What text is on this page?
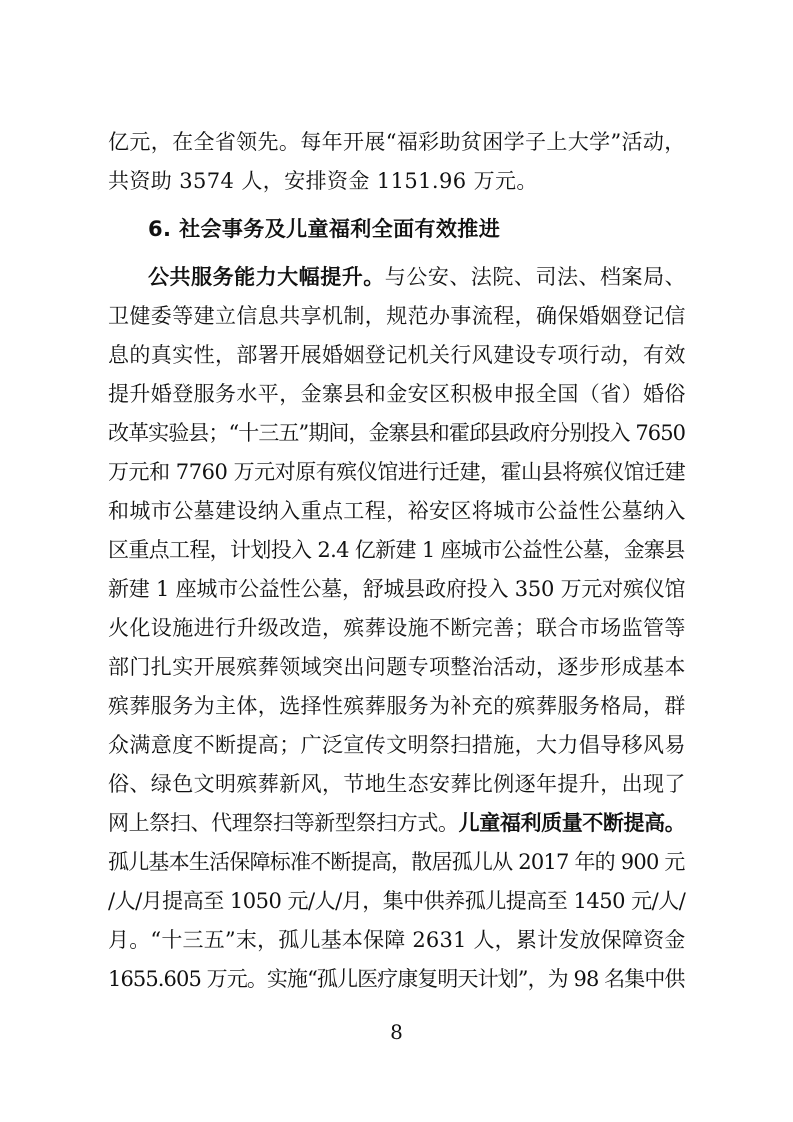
亿元，在全省领先。每年开展“福彩助贫困学子上大学”活动，
共资助 3574 人，安排资金 1151.96 万元。
6. 社会事务及儿童福利全面有效推进
公共服务能力大幅提升。与公安、法院、司法、档案局、
卫健委等建立信息共享机制，规范办事流程，确保婚姻登记信
息的真实性，部署开展婚姻登记机关行风建设专项行动，有效
提升婚登服务水平，金寨县和金安区积极申报全国（省）婚俗
改革实验县；“十三五”期间，金寨县和霍邱县政府分别投入 7650
万元和 7760 万元对原有殡仪馆进行迁建，霍山县将殡仪馆迁建
和城市公墓建设纳入重点工程，裕安区将城市公益性公墓纳入
区重点工程，计划投入 2.4 亿新建 1 座城市公益性公墓，金寨县
新建 1 座城市公益性公墓，舒城县政府投入 350 万元对殡仪馆
火化设施进行升级改造，殡葬设施不断完善；联合市场监管等
部门扎实开展殡葬领域突出问题专项整治活动，逐步形成基本
殡葬服务为主体，选择性殡葬服务为补充的殡葬服务格局，群
众满意度不断提高；广泛宣传文明祭扫措施，大力倡导移风易
俗、绿色文明殡葬新风，节地生态安葬比例逐年提升，出现了
网上祭扫、代理祭扫等新型祭扫方式。儿童福利质量不断提高。
孤儿基本生活保障标准不断提高，散居孤儿从 2017 年的 900 元
/人/月提高至 1050 元/人/月，集中供养孤儿提高至 1450 元/人/
月。“十三五”末，孤儿基本保障 2631 人，累计发放保障资金
1655.605 万元。实施“孤儿医疗康复明天计划”，为 98 名集中供
8
